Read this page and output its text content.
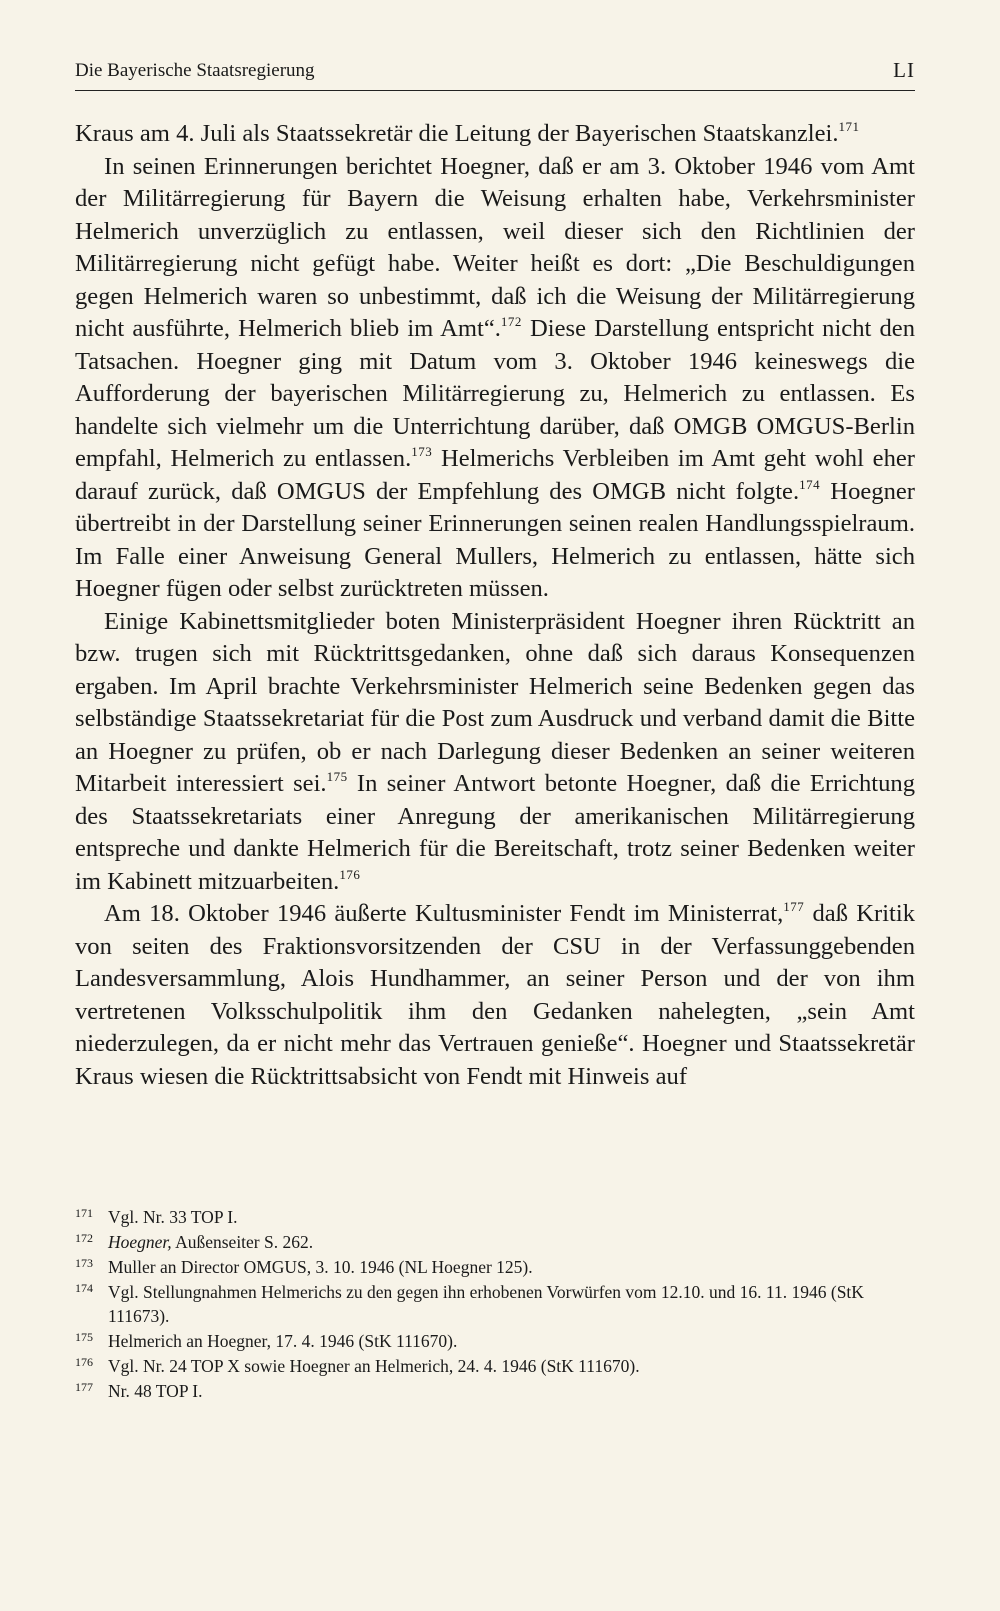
Die Bayerische Staatsregierung	LI

Kraus am 4. Juli als Staatssekretär die Leitung der Bayerischen Staatskanzlei.$^{171}$

In seinen Erinnerungen berichtet Hoegner, daß er am 3. Oktober 1946 vom Amt der Militärregierung für Bayern die Weisung erhalten habe, Verkehrsminister Helmerich unverzüglich zu entlassen, weil dieser sich den Richtlinien der Militärregierung nicht gefügt habe. Weiter heißt es dort: „Die Beschuldigungen gegen Helmerich waren so unbestimmt, daß ich die Weisung der Militärregierung nicht ausführte, Helmerich blieb im Amt“.$^{172}$ Diese Darstellung entspricht nicht den Tatsachen. Hoegner ging mit Datum vom 3. Oktober 1946 keineswegs die Aufforderung der bayerischen Militärregierung zu, Helmerich zu entlassen. Es handelte sich vielmehr um die Unterrichtung darüber, daß OMGB OMGUS-Berlin empfahl, Helmerich zu entlassen.$^{173}$ Helmerichs Verbleiben im Amt geht wohl eher darauf zurück, daß OMGUS der Empfehlung des OMGB nicht folgte.$^{174}$ Hoegner übertreibt in der Darstellung seiner Erinnerungen seinen realen Handlungsspielraum. Im Falle einer Anweisung General Mullers, Helmerich zu entlassen, hätte sich Hoegner fügen oder selbst zurücktreten müssen.

Einige Kabinettsmitglieder boten Ministerpräsident Hoegner ihren Rücktritt an bzw. trugen sich mit Rücktrittsgedanken, ohne daß sich daraus Konsequenzen ergaben. Im April brachte Verkehrsminister Helmerich seine Bedenken gegen das selbständige Staatssekretariat für die Post zum Ausdruck und verband damit die Bitte an Hoegner zu prüfen, ob er nach Darlegung dieser Bedenken an seiner weiteren Mitarbeit interessiert sei.$^{175}$ In seiner Antwort betonte Hoegner, daß die Errichtung des Staatssekretariats einer Anregung der amerikanischen Militärregierung entspreche und dankte Helmerich für die Bereitschaft, trotz seiner Bedenken weiter im Kabinett mitzuarbeiten.$^{176}$

Am 18. Oktober 1946 äußerte Kultusminister Fendt im Ministerrat,$^{177}$ daß Kritik von seiten des Fraktionsvorsitzenden der CSU in der Verfassunggebenden Landesversammlung, Alois Hundhammer, an seiner Person und der von ihm vertretenen Volksschulpolitik ihm den Gedanken nahelegten, „sein Amt niederzulegen, da er nicht mehr das Vertrauen genieße“. Hoegner und Staatssekretär Kraus wiesen die Rücktrittsabsicht von Fendt mit Hinweis auf

171 Vgl. Nr. 33 TOP I.
172 Hoegner, Außenseiter S. 262.
173 Muller an Director OMGUS, 3. 10. 1946 (NL Hoegner 125).
174 Vgl. Stellungnahmen Helmerichs zu den gegen ihn erhobenen Vorwürfen vom 12.10. und 16. 11. 1946 (StK 111673).
175 Helmerich an Hoegner, 17. 4. 1946 (StK 111670).
176 Vgl. Nr. 24 TOP X sowie Hoegner an Helmerich, 24. 4. 1946 (StK 111670).
177 Nr. 48 TOP I.
